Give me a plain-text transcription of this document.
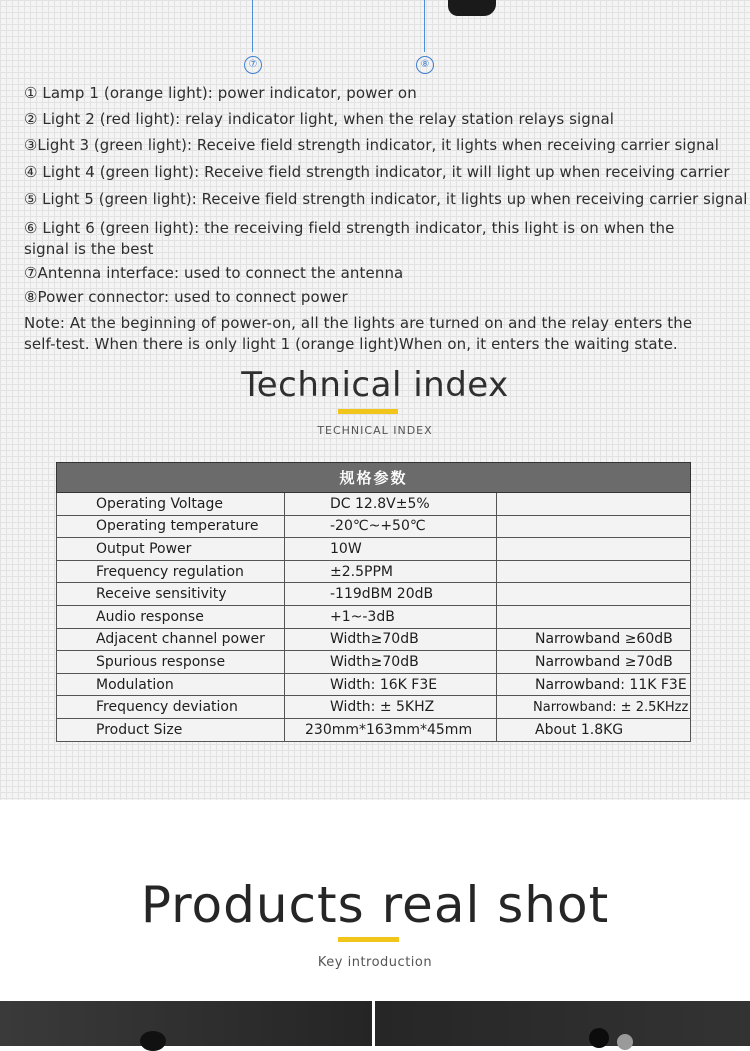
⑦	⑧
① Lamp 1 (orange light): power indicator, power on
② Light 2 (red light): relay indicator light, when the relay station relays signal
③Light 3 (green light): Receive field strength indicator, it lights when receiving carrier signal
④ Light 4 (green light): Receive field strength indicator, it will light up when receiving carrier
⑤ Light 5 (green light): Receive field strength indicator, it lights up when receiving carrier signal
⑥ Light 6 (green light): the receiving field strength indicator, this light is on when the signal is the best
⑦Antenna interface: used to connect the antenna
⑧Power connector: used to connect power
Note: At the beginning of power-on, all the lights are turned on and the relay enters the self-test. When there is only light 1 (orange light)When on, it enters the waiting state.
Technical index
TECHNICAL INDEX
规格参数		
Operating Voltage	DC 12.8V±5%	
Operating temperature	-20℃~+50℃	
Output Power	10W	
Frequency regulation	±2.5PPM	
Receive sensitivity	-119dBM 20dB	
Audio response	+1~-3dB	
Adjacent channel power	Width≥70dB	Narrowband ≥60dB
Spurious response	Width≥70dB	Narrowband ≥70dB
Modulation	Width: 16K F3E	Narrowband: 11K F3E
Frequency deviation	Width: ± 5KHZ	Narrowband: ± 2.5KHzz
Product Size	230mm*163mm*45mm	About 1.8KG
Products real shot
Key introduction
